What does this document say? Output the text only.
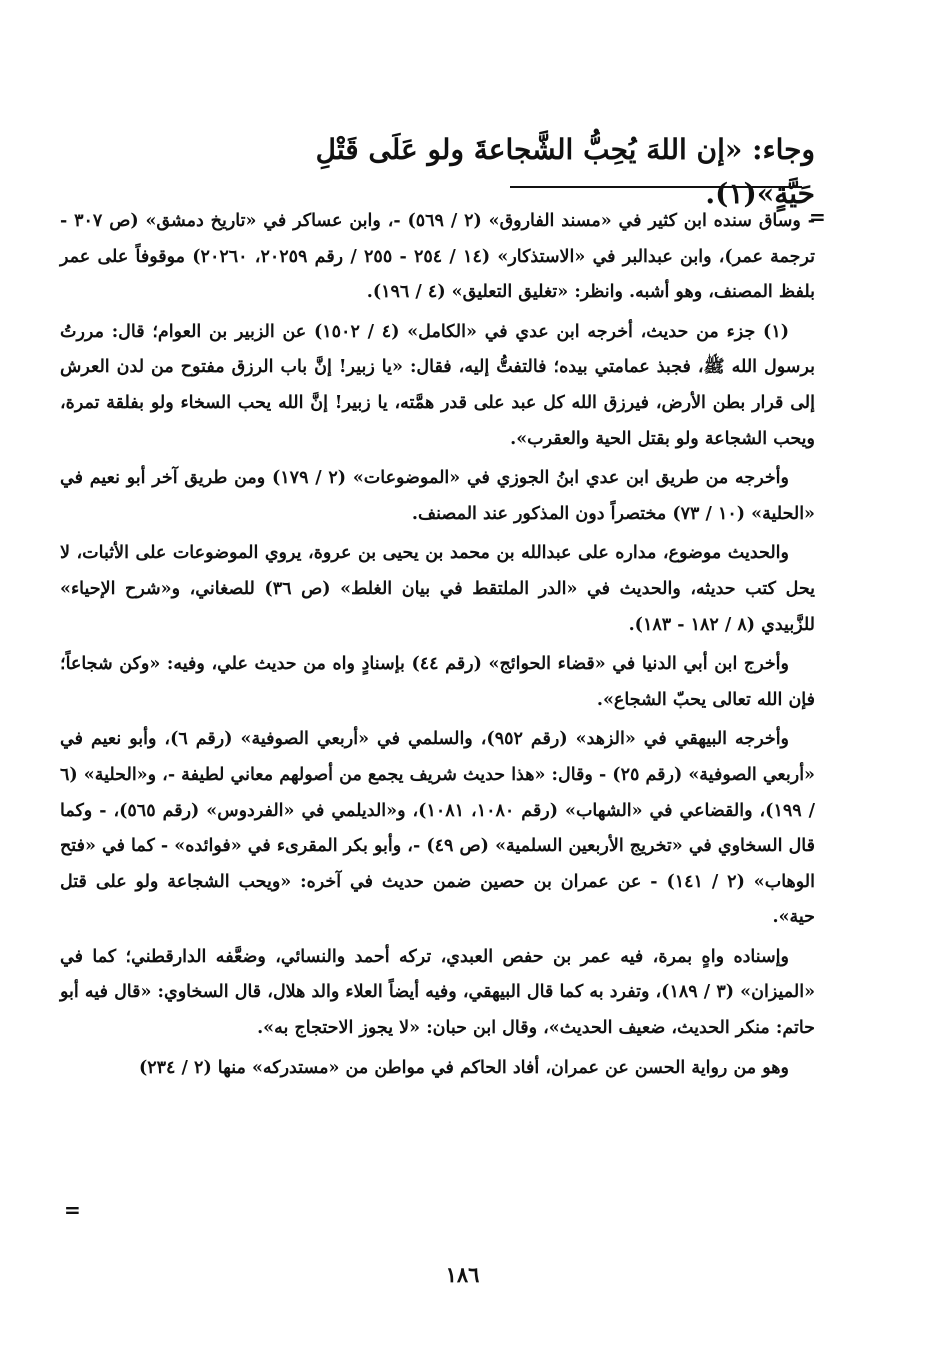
وجاء: «إن اللهَ يُحِبُّ الشَّجاعةَ ولو عَلَى قَتْلِ حَيَّةٍ»(١).
=

- وساق سنده ابن كثير في «مسند الفاروق» (٢ / ٥٦٩) -، وابن عساكر في «تاريخ دمشق» (ص ٣٠٧ - ترجمة عمر)، وابن عبدالبر في «الاستذكار» (١٤ / ٢٥٤ - ٢٥٥ / رقم ٢٠٢٥٩، ٢٠٢٦٠) موقوفاً على عمر بلفظ المصنف، وهو أشبه. وانظر: «تغليق التعليق» (٤ / ١٩٦).

(١) جزء من حديث، أخرجه ابن عدي في «الكامل» (٤ / ١٥٠٢) عن الزبير بن العوام؛ قال: مررتُ برسول الله ﷺ، فجبذ عمامتي بيده؛ فالتفتُّ إليه، فقال: «يا زبير! إنَّ باب الرزق مفتوح من لدن العرش إلى قرار بطن الأرض، فيرزق الله كل عبد على قدر همَّته، يا زبير! إنَّ الله يحب السخاء ولو بفلقة تمرة، ويحب الشجاعة ولو بقتل الحية والعقرب».

وأخرجه من طريق ابن عدي ابنُ الجوزي في «الموضوعات» (٢ / ١٧٩) ومن طريق آخر أبو نعيم في «الحلية» (١٠ / ٧٣) مختصراً دون المذكور عند المصنف.

والحديث موضوع، مداره على عبدالله بن محمد بن يحيى بن عروة، يروي الموضوعات على الأثبات، لا يحل كتب حديثه، والحديث في «الدر الملتقط في بيان الغلط» (ص ٣٦) للصغاني، و«شرح الإحياء» للزَّبيدي (٨ / ١٨٢ - ١٨٣).

وأخرج ابن أبي الدنيا في «قضاء الحوائج» (رقم ٤٤) بإسنادٍ واه من حديث علي، وفيه: «وكن شجاعاً؛ فإن الله تعالى يحبّ الشجاع».

وأخرجه البيهقي في «الزهد» (رقم ٩٥٢)، والسلمي في «أربعي الصوفية» (رقم ٦)، وأبو نعيم في «أربعي الصوفية» (رقم ٢٥) - وقال: «هذا حديث شريف يجمع من أصولهم معاني لطيفة -، و«الحلية» (٦ / ١٩٩)، والقضاعي في «الشهاب» (رقم ١٠٨٠، ١٠٨١)، و«الديلمي في «الفردوس» (رقم ٥٦٥)، - وكما قال السخاوي في «تخريج الأربعين السلمية» (ص ٤٩) -، وأبو بكر المقرىء في «فوائده» - كما في «فتح الوهاب» (٢ / ١٤١) - عن عمران بن حصين ضمن حديث في آخره: «ويحب الشجاعة ولو على قتل حية».

وإسناده واهٍ بمرة، فيه عمر بن حفص العبدي، تركه أحمد والنسائي، وضعَّفه الدارقطني؛ كما في «الميزان» (٣ / ١٨٩)، وتفرد به كما قال البيهقي، وفيه أيضاً العلاء والد هلال، قال السخاوي: «قال فيه أبو حاتم: منكر الحديث، ضعيف الحديث»، وقال ابن حبان: «لا يجوز الاحتجاج به».

وهو من رواية الحسن عن عمران، أفاد الحاكم في مواطن من «مستدركه» منها (٢ / ٢٣٤)

=
١٨٦
